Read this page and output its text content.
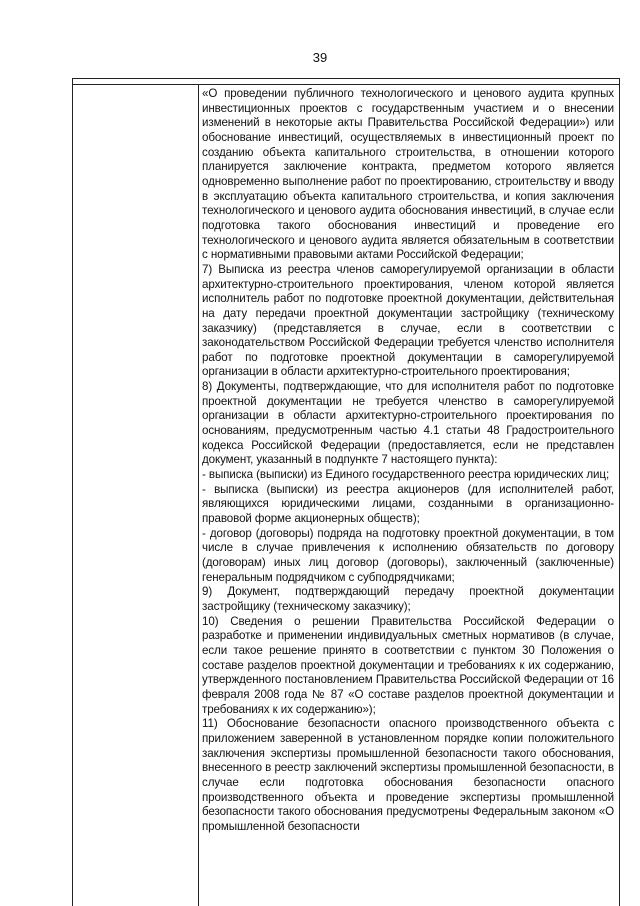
39

«О проведении публичного технологического и ценового аудита крупных инвестиционных проектов с государственным участием и о внесении изменений в некоторые акты Правительства Российской Федерации») или обоснование инвестиций, осуществляемых в инвестиционный проект по созданию объекта капитального строительства, в отношении которого планируется заключение контракта, предметом которого является одновременно выполнение работ по проектированию, строительству и вводу в эксплуатацию объекта капитального строительства, и копия заключения технологического и ценового аудита обоснования инвестиций, в случае если подготовка такого обоснования инвестиций и проведение его технологического и ценового аудита является обязательным в соответствии с нормативными правовыми актами Российской Федерации;

7) Выписка из реестра членов саморегулируемой организации в области архитектурно-строительного проектирования, членом которой является исполнитель работ по подготовке проектной документации, действительная на дату передачи проектной документации застройщику (техническому заказчику) (представляется в случае, если в соответствии с законодательством Российской Федерации требуется членство исполнителя работ по подготовке проектной документации в саморегулируемой организации в области архитектурно-строительного проектирования;

8) Документы, подтверждающие, что для исполнителя работ по подготовке проектной документации не требуется членство в саморегулируемой организации в области архитектурно-строительного проектирования по основаниям, предусмотренным частью 4.1 статьи 48 Градостроительного кодекса Российской Федерации (предоставляется, если не представлен документ, указанный в подпункте 7 настоящего пункта):

- выписка (выписки) из Единого государственного реестра юридических лиц;

- выписка (выписки) из реестра акционеров (для исполнителей работ, являющихся юридическими лицами, созданными в организационно-правовой форме акционерных обществ);

- договор (договоры) подряда на подготовку проектной документации, в том числе в случае привлечения к исполнению обязательств по договору (договорам) иных лиц договор (договоры), заключенный (заключенные) генеральным подрядчиком с субподрядчиками;

9) Документ, подтверждающий передачу проектной документации застройщику (техническому заказчику);

10) Сведения о решении Правительства Российской Федерации о разработке и применении индивидуальных сметных нормативов (в случае, если такое решение принято в соответствии с пунктом 30 Положения о составе разделов проектной документации и требованиях к их содержанию, утвержденного постановлением Правительства Российской Федерации от 16 февраля 2008 года № 87 «О составе разделов проектной документации и требованиях к их содержанию»);

11) Обоснование безопасности опасного производственного объекта с приложением заверенной в установленном порядке копии положительного заключения экспертизы промышленной безопасности такого обоснования, внесенного в реестр заключений экспертизы промышленной безопасности, в случае если подготовка обоснования безопасности опасного производственного объекта и проведение экспертизы промышленной безопасности такого обоснования предусмотрены Федеральным законом «О промышленной безопасности
